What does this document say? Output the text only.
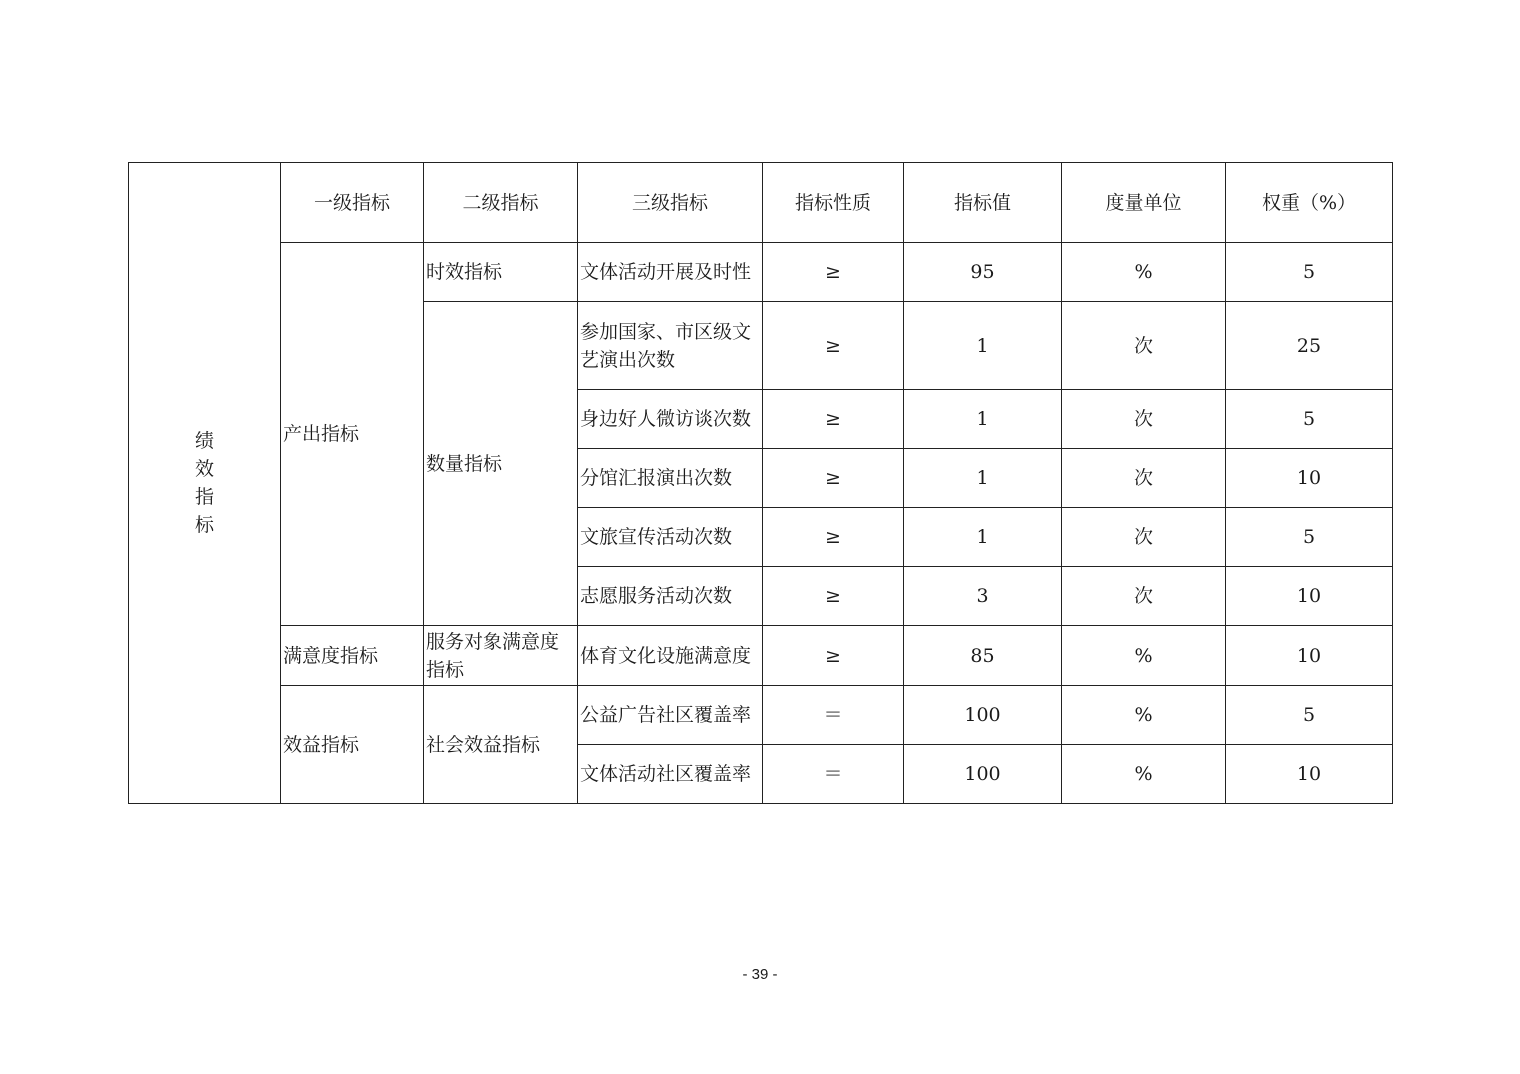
绩
效
指
标	一级指标	二级指标	三级指标	指标性质	指标值	度量单位	权重（%）
	产出指标	时效指标	文体活动开展及时性	≥	95	%	5
		数量指标	参加国家、市区级文艺演出次数	≥	1	次	25
			身边好人微访谈次数	≥	1	次	5
			分馆汇报演出次数	≥	1	次	10
			文旅宣传活动次数	≥	1	次	5
			志愿服务活动次数	≥	3	次	10
	满意度指标	服务对象满意度指标	体育文化设施满意度	≥	85	%	10
	效益指标	社会效益指标	公益广告社区覆盖率	＝	100	%	5
			文体活动社区覆盖率	＝	100	%	10
- 39 -
